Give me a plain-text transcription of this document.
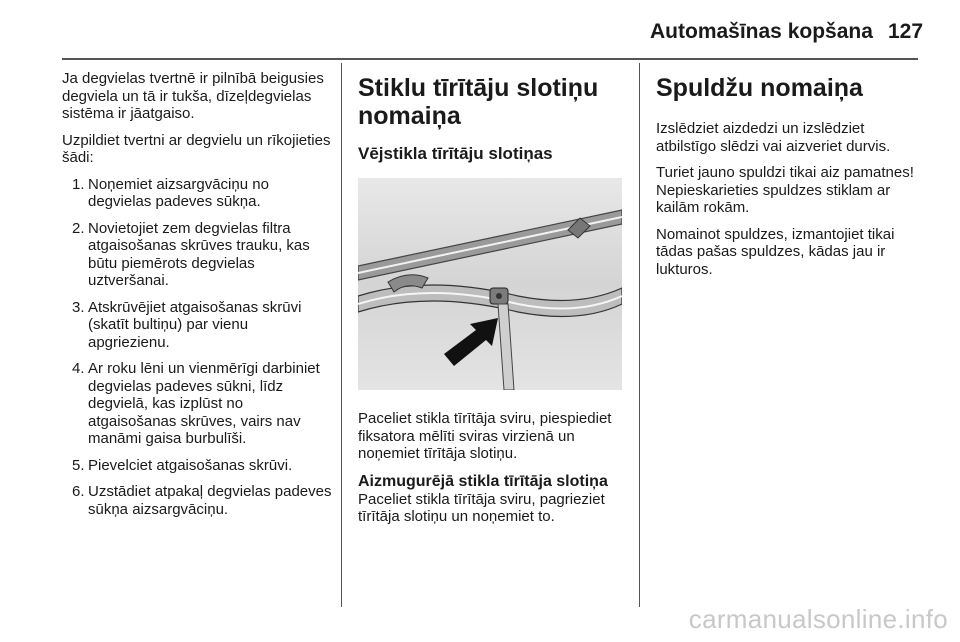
Automašīnas kopšana 127

Ja degvielas tvertnē ir pilnībā beigusies degviela un tā ir tukša, dīzeļdegvielas sistēma ir jāatgaiso.

Uzpildiet tvertni ar degvielu un rīkojieties šādi:

1. Noņemiet aizsargvāciņu no degvielas padeves sūkņa.
2. Novietojiet zem degvielas filtra atgaisošanas skrūves trauku, kas būtu piemērots degvielas uztveršanai.
3. Atskrūvējiet atgaisošanas skrūvi (skatīt bultiņu) par vienu apgriezienu.
4. Ar roku lēni un vienmērīgi darbiniet degvielas padeves sūkni, līdz degvielā, kas izplūst no atgaisošanas skrūves, vairs nav manāmi gaisa burbulīši.
5. Pievelciet atgaisošanas skrūvi.
6. Uzstādiet atpakaļ degvielas padeves sūkņa aizsargvāciņu.
Stiklu tīrītāju slotiņu nomaiņa
Vējstikla tīrītāju slotiņas

Paceliet stikla tīrītāja sviru, piespiediet fiksatora mēlīti sviras virzienā un noņemiet tīrītāja slotiņu.

Aizmugurējā stikla tīrītāja slotiņa

Paceliet stikla tīrītāja sviru, pagrieziet tīrītāja slotiņu un noņemiet to.

Spuldžu nomaiņa

Izslēdziet aizdedzi un izslēdziet atbilstīgo slēdzi vai aizveriet durvis.

Turiet jauno spuldzi tikai aiz pamatnes! Nepieskarieties spuldzes stiklam ar kailām rokām.

Nomainot spuldzes, izmantojiet tikai tādas pašas spuldzes, kādas jau ir lukturos.

carmanualsonline.info
